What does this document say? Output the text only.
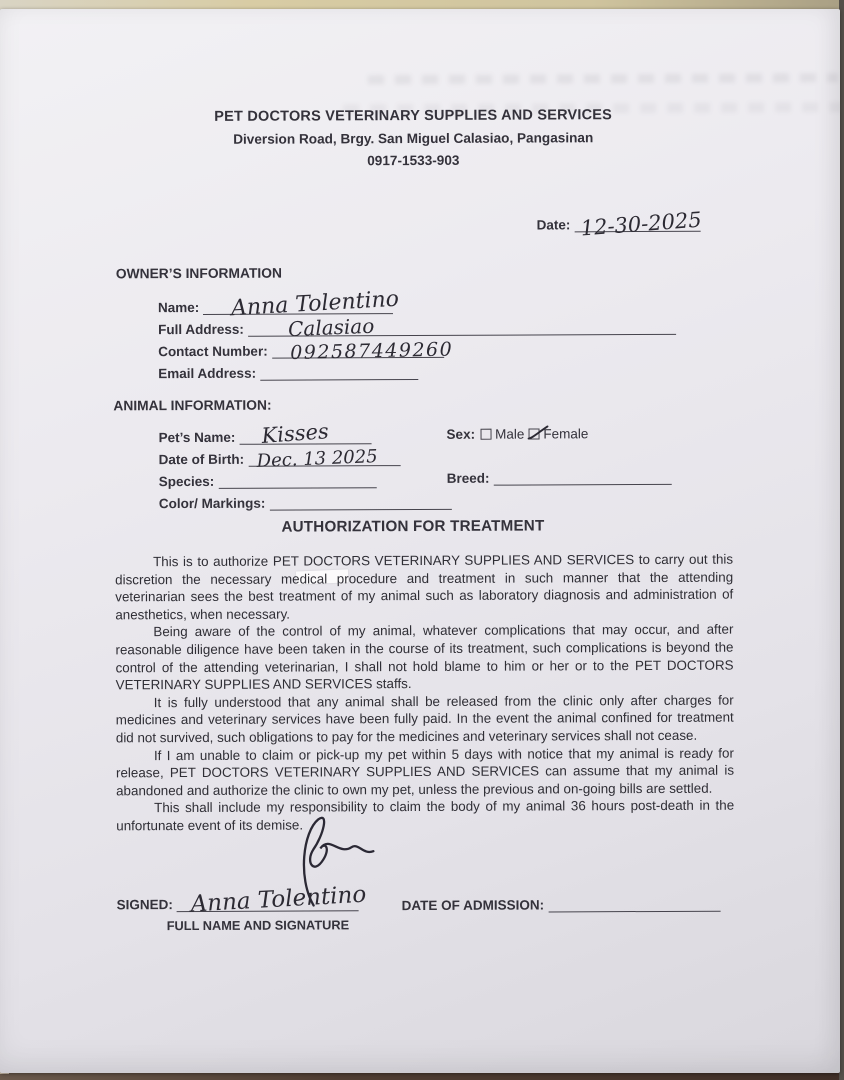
PET DOCTORS VETERINARY SUPPLIES AND SERVICES
Diversion Road, Brgy. San Miguel Calasiao, Pangasinan
0917-1533-903
Date: 12-30-2025
OWNER’S INFORMATION
Name: Anna Tolentino
Full Address: Calasiao
Contact Number: 092587449260
Email Address:
ANIMAL INFORMATION:
Pet’s Name: Kisses	Sex: Male Female
Date of Birth: Dec. 13 2025
Species:	Breed:
Color/ Markings:
AUTHORIZATION FOR TREATMENT

This is to authorize PET DOCTORS VETERINARY SUPPLIES AND SERVICES to carry out this discretion the necessary medical procedure and treatment in such manner that the attending veterinarian sees the best treatment of my animal such as laboratory diagnosis and administration of anesthetics, when necessary.

Being aware of the control of my animal, whatever complications that may occur, and after reasonable diligence have been taken in the course of its treatment, such complications is beyond the control of the attending veterinarian, I shall not hold blame to him or her or to the PET DOCTORS VETERINARY SUPPLIES AND SERVICES staffs.

It is fully understood that any animal shall be released from the clinic only after charges for medicines and veterinary services have been fully paid. In the event the animal confined for treatment did not survived, such obligations to pay for the medicines and veterinary services shall not cease.

If I am unable to claim or pick-up my pet within 5 days with notice that my animal is ready for release, PET DOCTORS VETERINARY SUPPLIES AND SERVICES can assume that my animal is abandoned and authorize the clinic to own my pet, unless the previous and on-going bills are settled.

This shall include my responsibility to claim the body of my animal 36 hours post-death in the unfortunate event of its demise.

SIGNED: Anna Tolentino
FULL NAME AND SIGNATURE
DATE OF ADMISSION:
